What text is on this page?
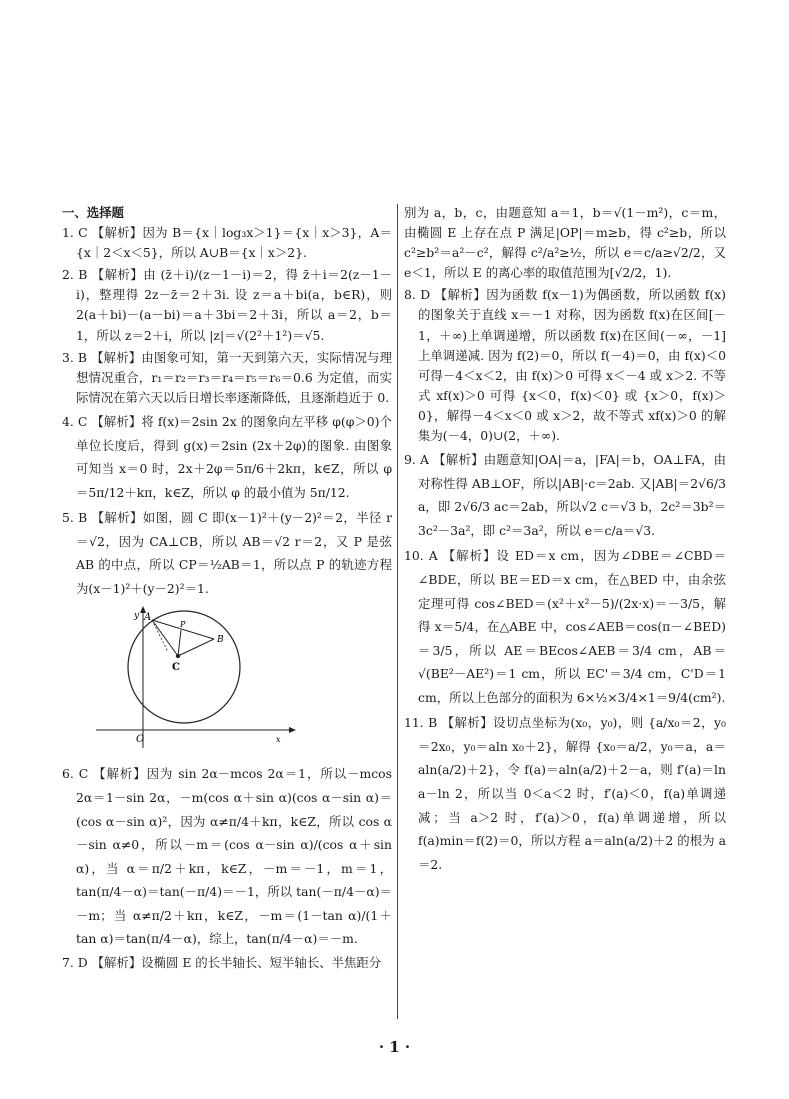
一、选择题
1. C 【解析】因为 B＝{x｜log₃x＞1}＝{x｜x＞3}，A＝{x｜2＜x＜5}，所以 A∪B＝{x｜x＞2}.
2. B 【解析】由 (z̄＋i)/(z－1－i)＝2，得 z̄＋i＝2(z－1－i)，整理得 2z－z̄＝2＋3i. 设 z＝a＋bi(a，b∈R)，则 2(a＋bi)－(a－bi)＝a＋3bi＝2＋3i，所以 a＝2，b＝1，所以 z＝2＋i，所以 |z|＝√(2²＋1²)＝√5.
3. B 【解析】由图象可知，第一天到第六天，实际情况与理想情况重合，r₁＝r₂＝r₃＝r₄＝r₅＝r₆＝0.6 为定值，而实际情况在第六天以后日增长率逐渐降低，且逐渐趋近于 0.
4. C 【解析】将 f(x)＝2sin 2x 的图象向左平移 φ(φ＞0)个单位长度后，得到 g(x)＝2sin (2x＋2φ)的图象. 由图象可知当 x＝0 时，2x＋2φ＝5π/6＋2kπ，k∈Z，所以 φ＝5π/12＋kπ，k∈Z，所以 φ 的最小值为 5π/12.
5. B 【解析】如图，圆 C 即(x－1)²＋(y－2)²＝2，半径 r＝√2，因为 CA⊥CB，所以 AB＝√2 r＝2，又 P 是弦 AB 的中点，所以 CP＝½AB＝1，所以点 P 的轨迹方程为(x－1)²＋(y－2)²＝1.
y A
P
B
C
O	x
6. C 【解析】因为 sin 2α－mcos 2α＝1，所以－mcos 2α＝1－sin 2α，－m(cos α＋sin α)(cos α－sin α)＝(cos α－sin α)²，因为 α≠π/4＋kπ，k∈Z，所以 cos α－sin α≠0，所以－m＝(cos α－sin α)/(cos α＋sin α)，当 α＝π/2＋kπ，k∈Z，－m＝－1，m＝1，tan(π/4－α)＝tan(－π/4)＝－1，所以 tan(－π/4－α)＝－m；当 α≠π/2＋kπ，k∈Z，－m＝(1－tan α)/(1＋tan α)＝tan(π/4－α)，综上，tan(π/4－α)＝－m.
7. D 【解析】设椭圆 E 的长半轴长、短半轴长、半焦距分
别为 a，b，c，由题意知 a＝1，b＝√(1－m²)，c＝m，由椭圆 E 上存在点 P 满足|OP|＝m≥b，得 c²≥b，所以 c²≥b²＝a²－c²，解得 c²/a²≥½，所以 e＝c/a≥√2/2，又 e＜1，所以 E 的离心率的取值范围为[√2/2，1).
8. D 【解析】因为函数 f(x－1)为偶函数，所以函数 f(x)的图象关于直线 x＝－1 对称，因为函数 f(x)在区间[－1，＋∞)上单调递增，所以函数 f(x)在区间(－∞，－1]上单调递减. 因为 f(2)＝0，所以 f(－4)＝0，由 f(x)＜0 可得－4＜x＜2，由 f(x)＞0 可得 x＜－4 或 x＞2. 不等式 xf(x)＞0 可得 {x＜0，f(x)＜0} 或 {x＞0，f(x)＞0}，解得－4＜x＜0 或 x＞2，故不等式 xf(x)＞0 的解集为(－4，0)∪(2，＋∞).
9. A 【解析】由题意知|OA|＝a，|FA|＝b，OA⊥FA，由对称性得 AB⊥OF，所以|AB|·c＝2ab. 又|AB|＝2√6/3 a，即 2√6/3 ac＝2ab，所以√2 c＝√3 b，2c²＝3b²＝3c²－3a²，即 c²＝3a²，所以 e＝c/a＝√3.
10. A 【解析】设 ED＝x cm，因为∠DBE＝∠CBD＝∠BDE，所以 BE＝ED＝x cm，在△BED 中，由余弦定理可得 cos∠BED＝(x²＋x²－5)/(2x·x)＝－3/5，解得 x＝5/4，在△ABE 中，cos∠AEB＝cos(π－∠BED)＝3/5，所以 AE＝BEcos∠AEB＝3/4 cm，AB＝√(BE²－AE²)＝1 cm，所以 EC'＝3/4 cm，C'D＝1 cm，所以上色部分的面积为 6×½×3/4×1＝9/4(cm²).
11. B 【解析】设切点坐标为(x₀，y₀)，则 {a/x₀＝2，y₀＝2x₀，y₀＝aln x₀＋2}，解得 {x₀＝a/2，y₀＝a，a＝aln(a/2)＋2}，令 f(a)＝aln(a/2)＋2－a，则 f′(a)＝ln a－ln 2，所以当 0＜a＜2 时，f′(a)＜0，f(a)单调递减；当 a＞2 时，f′(a)＞0，f(a)单调递增，所以 f(a)min＝f(2)＝0，所以方程 a＝aln(a/2)＋2 的根为 a＝2.
· 1 ·
